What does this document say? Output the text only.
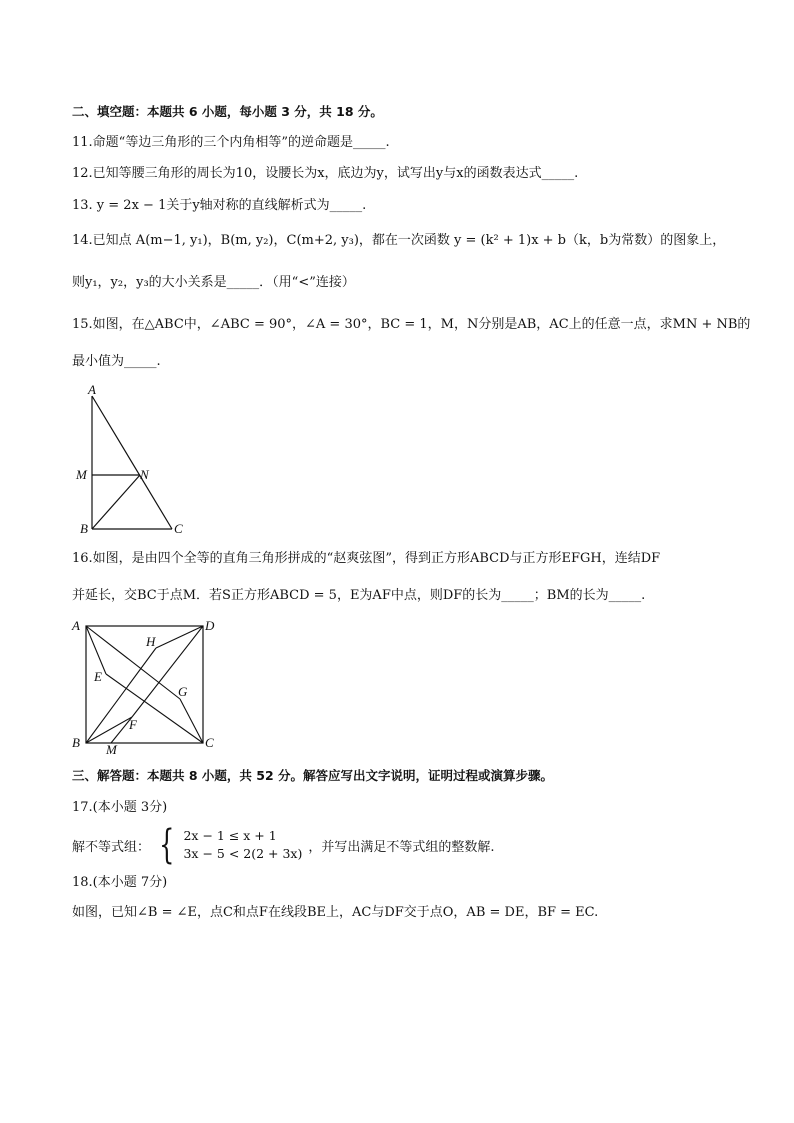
二、填空题：本题共 6 小题，每小题 3 分，共 18 分。
11.命题“等边三角形的三个内角相等”的逆命题是_____.
12.已知等腰三角形的周长为10，设腰长为x，底边为y，试写出y与x的函数表达式_____.
13. y = 2x − 1关于y轴对称的直线解析式为_____.
14.已知点 A(m−1, y₁)，B(m, y₂)，C(m+2, y₃)，都在一次函数 y = (k² + 1)x + b（k，b为常数）的图象上，
则y₁，y₂，y₃的大小关系是_____．（用“<”连接）
15.如图，在△ABC中，∠ABC = 90°，∠A = 30°，BC = 1，M，N分别是AB，AC上的任意一点，求MN + NB的
最小值为_____.
A
M	N
B	C
16.如图，是由四个全等的直角三角形拼成的“赵爽弦图”，得到正方形ABCD与正方形EFGH，连结DF
并延长，交BC于点M．若S正方形ABCD = 5，E为AF中点，则DF的长为_____；BM的长为_____.
A	D
H
E
G
F
B M	C
三、解答题：本题共 8 小题，共 52 分。解答应写出文字说明，证明过程或演算步骤。
17.(本小题 3分)
解不等式组： { 2x − 1 ≤ x + 1
3x − 5 < 2(2 + 3x) ，并写出满足不等式组的整数解.
18.(本小题 7分)
如图，已知∠B = ∠E，点C和点F在线段BE上，AC与DF交于点O，AB = DE，BF = EC.
